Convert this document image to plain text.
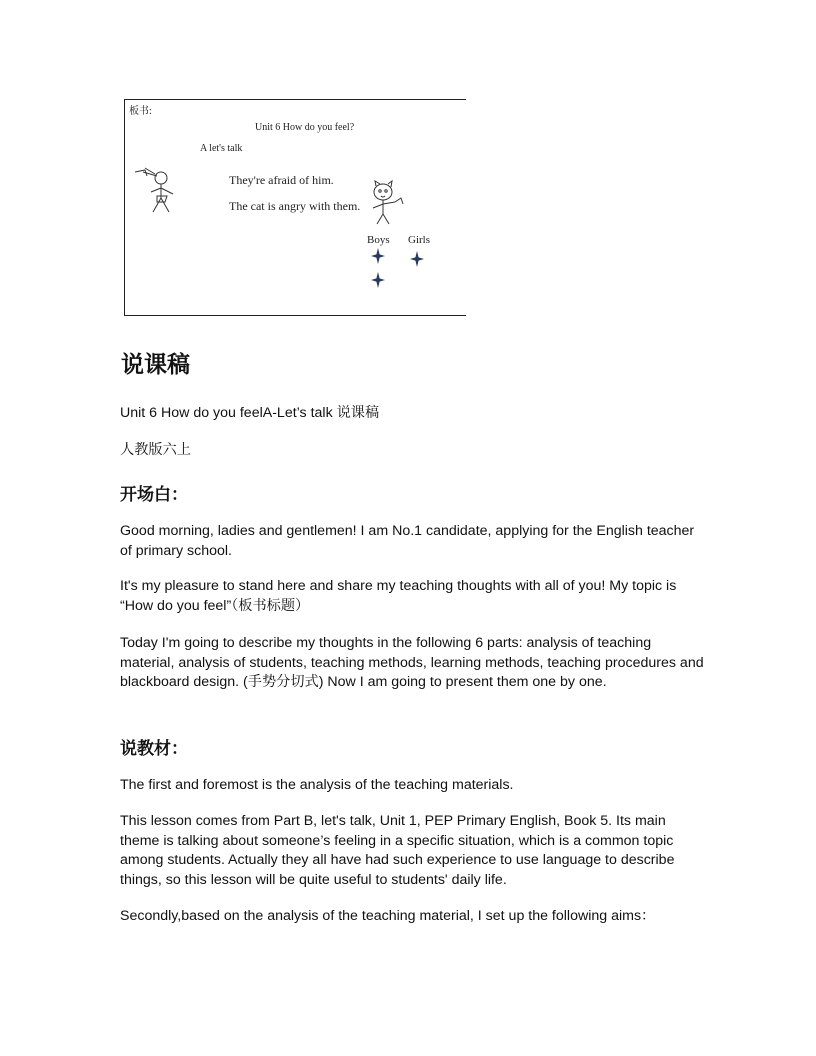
板书:
Unit 6 How do you feel?
A let's talk
They're afraid of him.
The cat is angry with them.
Boys Girls
说课稿

Unit 6 How do you feelA-Let’s talk 说课稿

人教版六上

开场白：

Good morning, ladies and gentlemen! I am No.1 candidate, applying for the English teacher of primary school.

It's my pleasure to stand here and share my teaching thoughts with all of you! My topic is “How do you feel”（板书标题）

Today I'm going to describe my thoughts in the following 6 parts: analysis of teaching material, analysis of students, teaching methods, learning methods, teaching procedures and blackboard design. (手势分切式) Now I am going to present them one by one.

说教材：

The first and foremost is the analysis of the teaching materials.

This lesson comes from Part B, let's talk, Unit 1, PEP Primary English, Book 5. Its main theme is talking about someone’s feeling in a specific situation, which is a common topic among students. Actually they all have had such experience to use language to describe things, so this lesson will be quite useful to students' daily life.

Secondly,based on the analysis of the teaching material, I set up the following aims：
